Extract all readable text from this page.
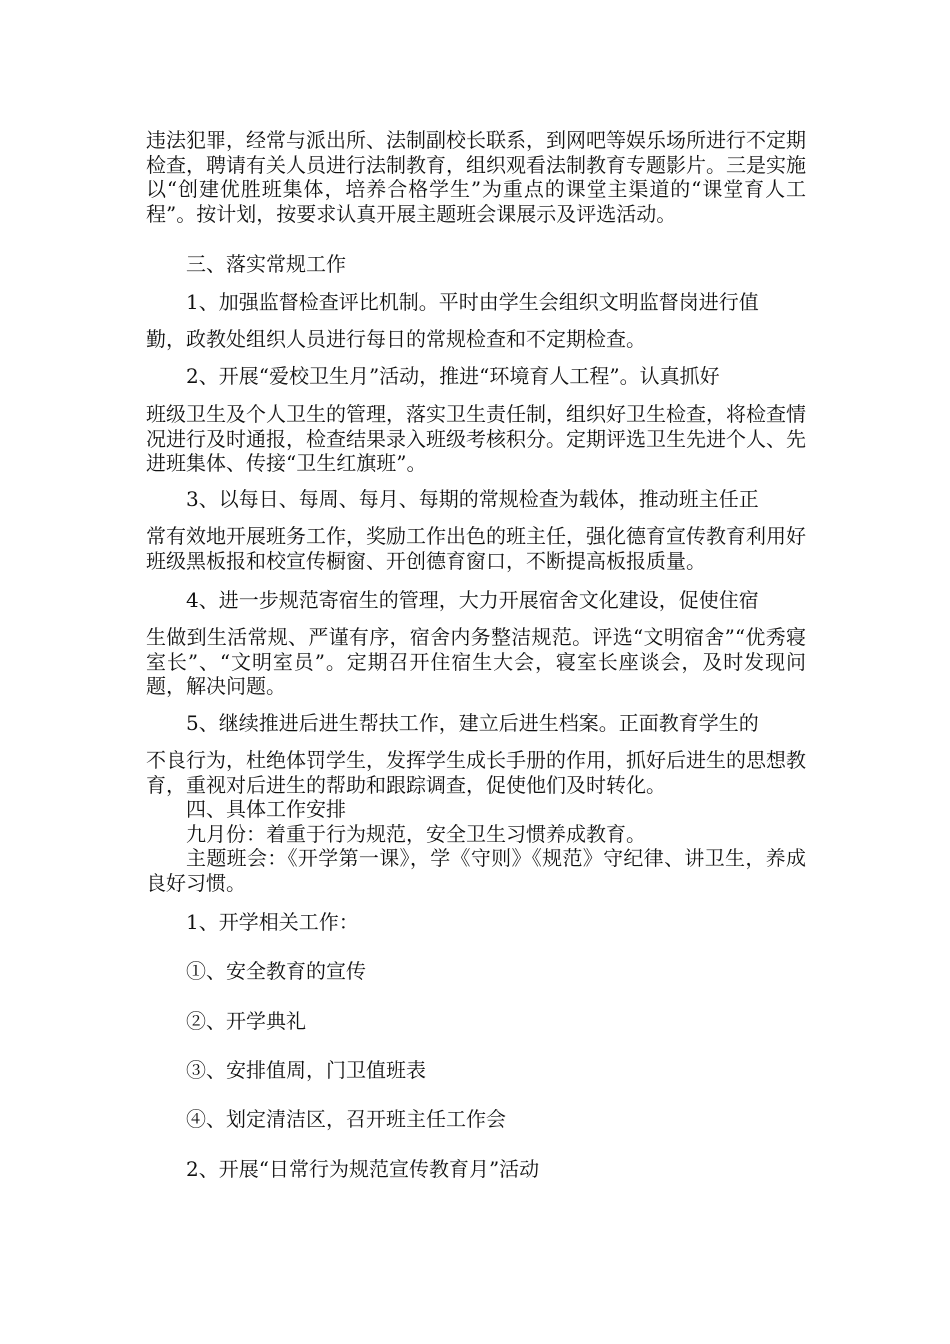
违法犯罪，经常与派出所、法制副校长联系，到网吧等娱乐场所进行不定期检查，聘请有关人员进行法制教育，组织观看法制教育专题影片。三是实施以“创建优胜班集体，培养合格学生”为重点的课堂主渠道的“课堂育人工程”。按计划，按要求认真开展主题班会课展示及评选活动。

三、落实常规工作

1、加强监督检查评比机制。平时由学生会组织文明监督岗进行值

勤，政教处组织人员进行每日的常规检查和不定期检查。

2、开展“爱校卫生月”活动，推进“环境育人工程”。认真抓好

班级卫生及个人卫生的管理，落实卫生责任制，组织好卫生检查，将检查情况进行及时通报，检查结果录入班级考核积分。定期评选卫生先进个人、先进班集体、传接“卫生红旗班”。

3、以每日、每周、每月、每期的常规检查为载体，推动班主任正

常有效地开展班务工作，奖励工作出色的班主任，强化德育宣传教育利用好班级黑板报和校宣传橱窗、开创德育窗口，不断提高板报质量。

4、进一步规范寄宿生的管理，大力开展宿舍文化建设，促使住宿

生做到生活常规、严谨有序，宿舍内务整洁规范。评选“文明宿舍”“优秀寝室长”、“文明室员”。定期召开住宿生大会，寝室长座谈会，及时发现问题，解决问题。

5、继续推进后进生帮扶工作，建立后进生档案。正面教育学生的

不良行为，杜绝体罚学生，发挥学生成长手册的作用，抓好后进生的思想教育，重视对后进生的帮助和跟踪调查，促使他们及时转化。

四、具体工作安排

九月份：着重于行为规范，安全卫生习惯养成教育。

主题班会：《开学第一课》，学《守则》《规范》守纪律、讲卫生，养成良好习惯。

1、开学相关工作：

①、安全教育的宣传

②、开学典礼

③、安排值周，门卫值班表

④、划定清洁区，召开班主任工作会

2、开展“日常行为规范宣传教育月”活动
